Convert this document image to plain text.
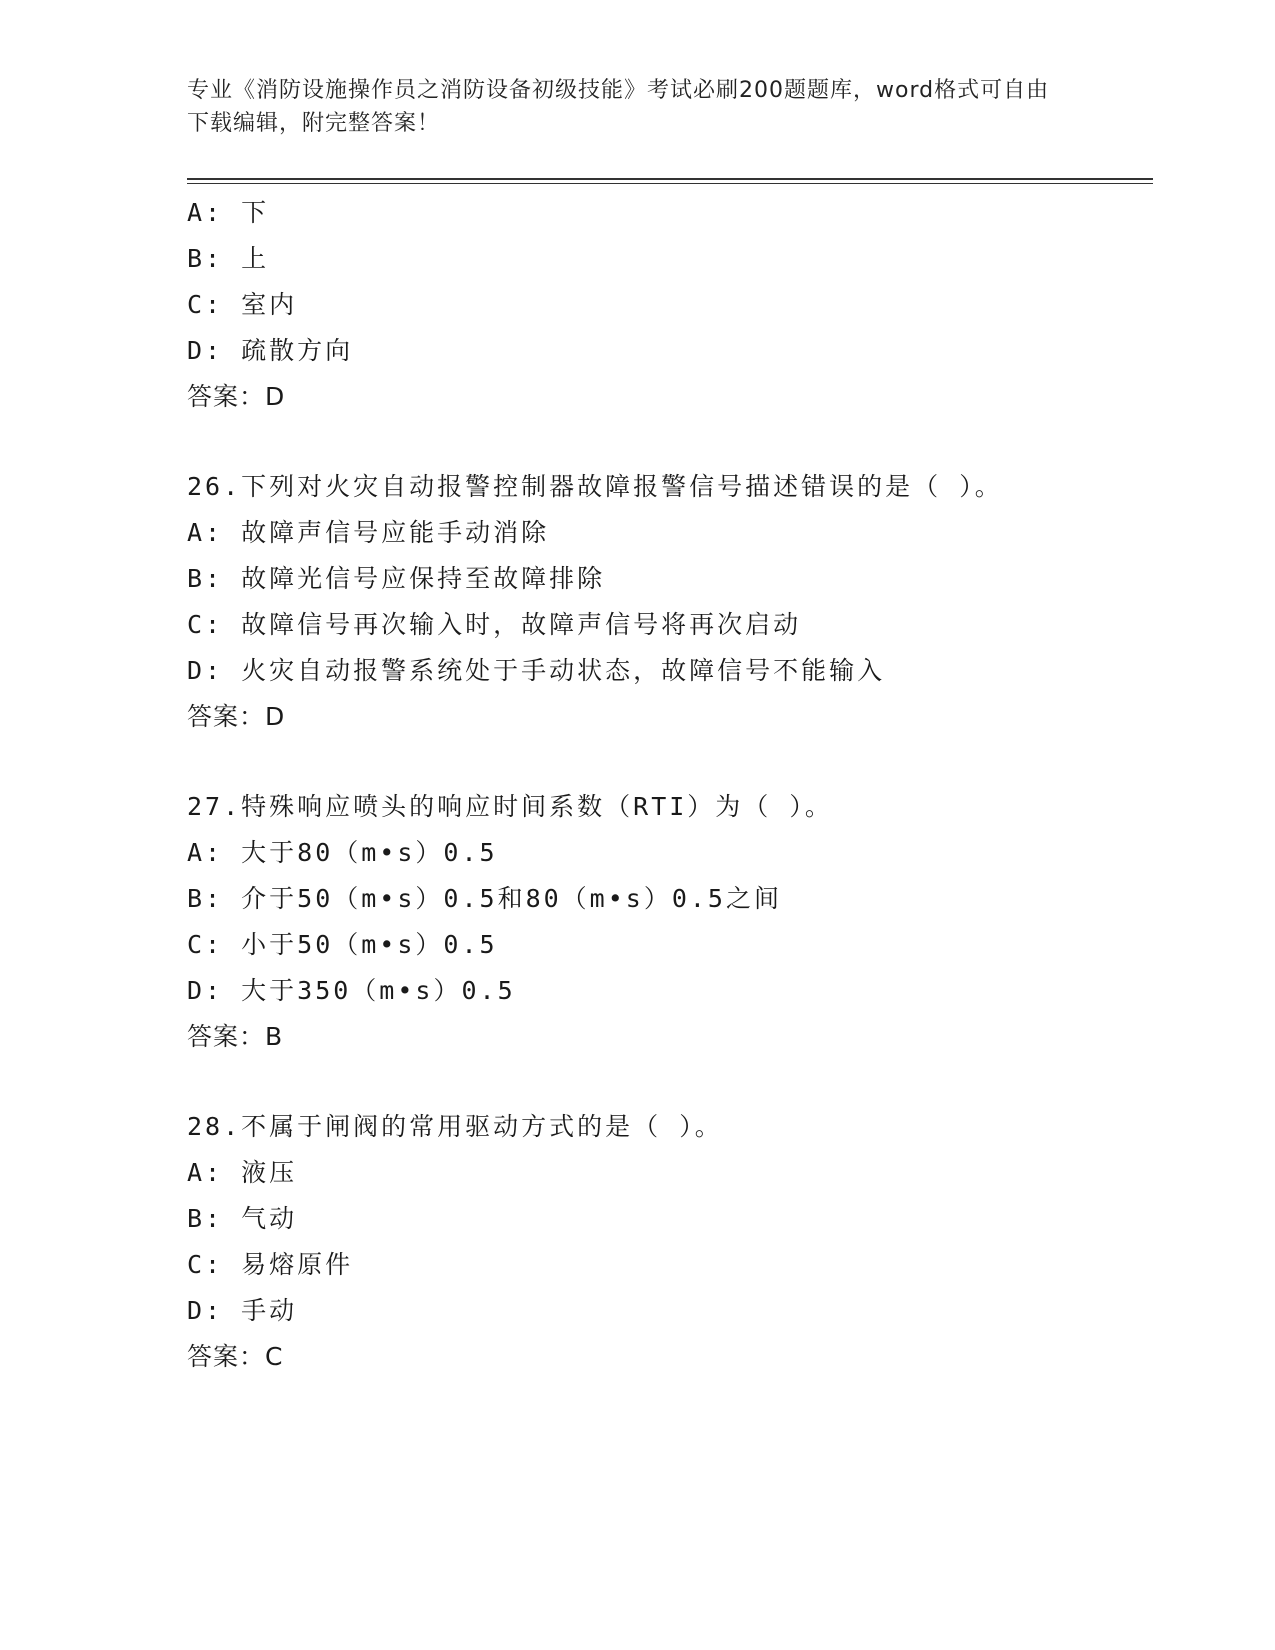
专业《消防设施操作员之消防设备初级技能》考试必刷200题题库，word格式可自由下载编辑，附完整答案！
A: 下
B: 上
C: 室内
D: 疏散方向
答案：D
26.下列对火灾自动报警控制器故障报警信号描述错误的是（ ）。
A: 故障声信号应能手动消除
B: 故障光信号应保持至故障排除
C: 故障信号再次输入时，故障声信号将再次启动
D: 火灾自动报警系统处于手动状态，故障信号不能输入
答案：D
27.特殊响应喷头的响应时间系数（RTI）为（ ）。
A: 大于80（m•s）0.5
B: 介于50（m•s）0.5和80（m•s）0.5之间
C: 小于50（m•s）0.5
D: 大于350（m•s）0.5
答案：B
28.不属于闸阀的常用驱动方式的是（ ）。
A: 液压
B: 气动
C: 易熔原件
D: 手动
答案：C
